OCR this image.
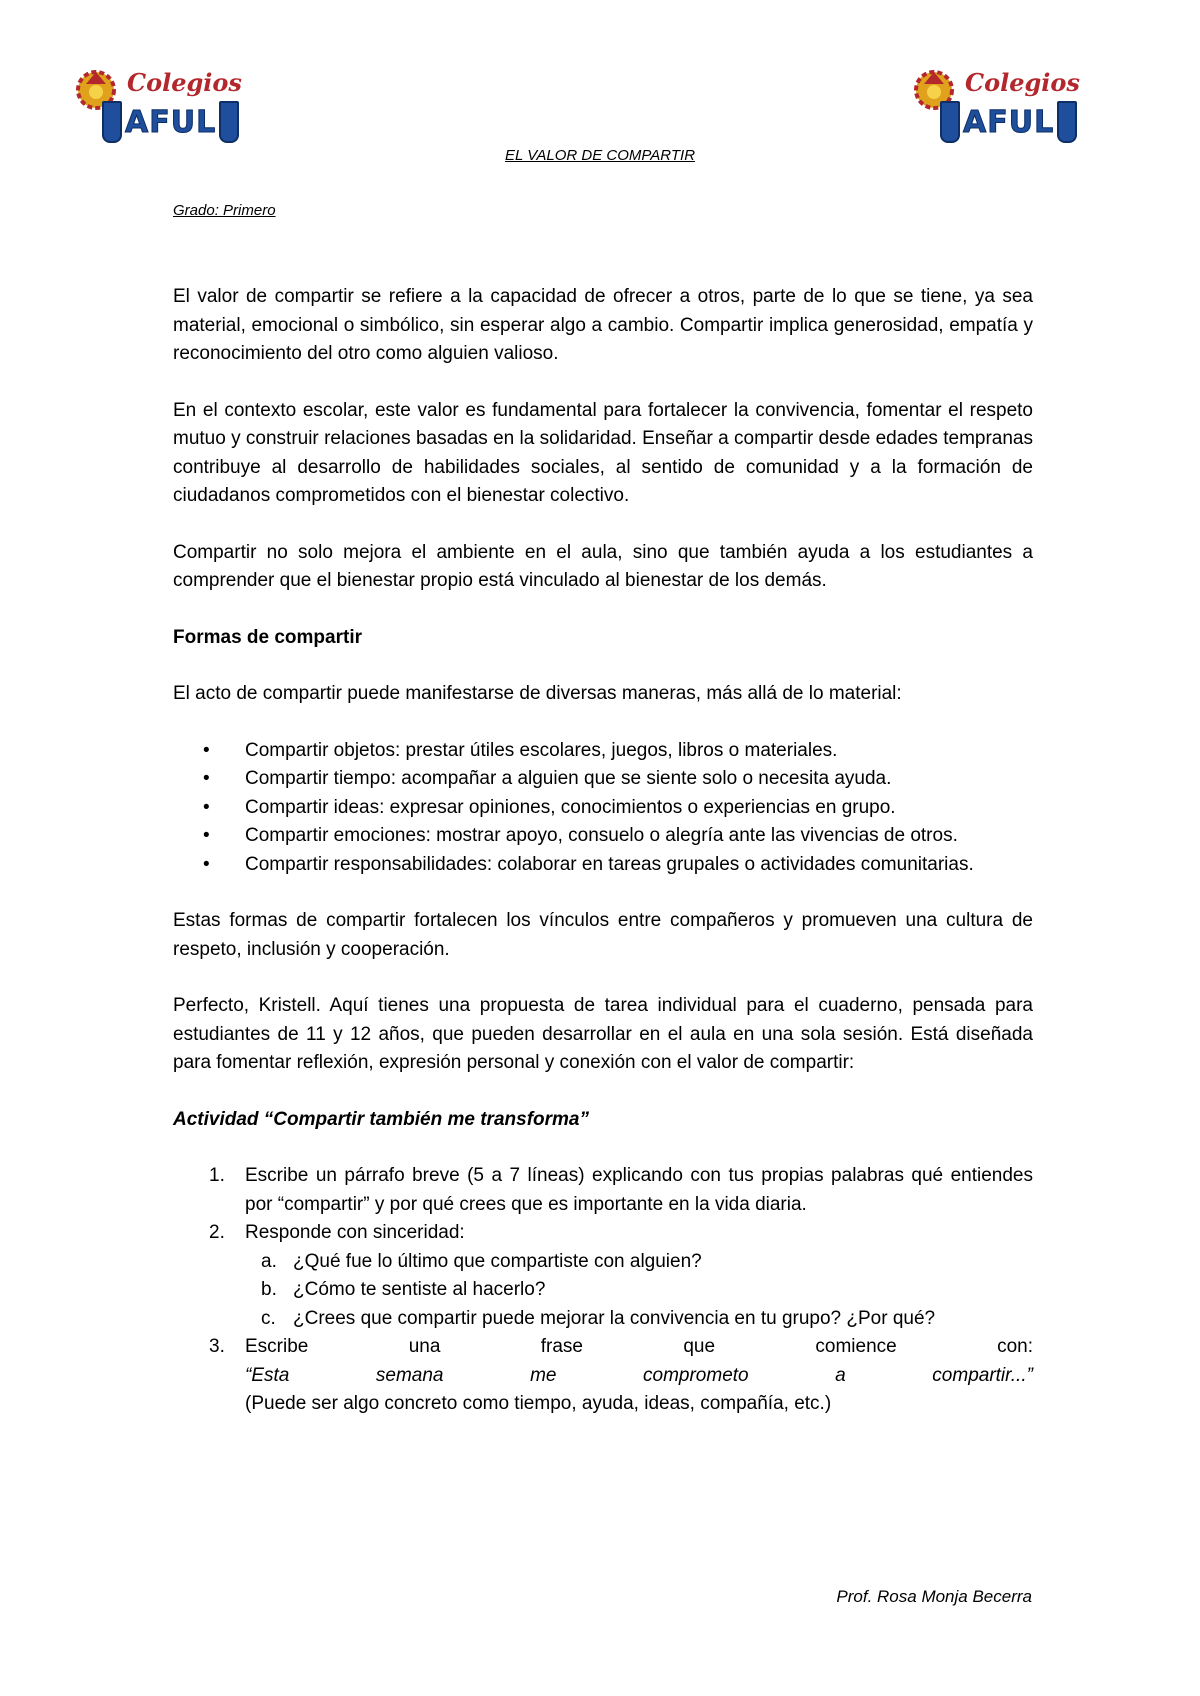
Colegios
AFUL
Colegios
AFUL
EL VALOR DE COMPARTIR
Grado: Primero

El valor de compartir se refiere a la capacidad de ofrecer a otros, parte de lo que se tiene, ya sea material, emocional o simbólico, sin esperar algo a cambio. Compartir implica generosidad, empatía y reconocimiento del otro como alguien valioso.

En el contexto escolar, este valor es fundamental para fortalecer la convivencia, fomentar el respeto mutuo y construir relaciones basadas en la solidaridad. Enseñar a compartir desde edades tempranas contribuye al desarrollo de habilidades sociales, al sentido de comunidad y a la formación de ciudadanos comprometidos con el bienestar colectivo.

Compartir no solo mejora el ambiente en el aula, sino que también ayuda a los estudiantes a comprender que el bienestar propio está vinculado al bienestar de los demás.

Formas de compartir

El acto de compartir puede manifestarse de diversas maneras, más allá de lo material:

• Compartir objetos: prestar útiles escolares, juegos, libros o materiales.
• Compartir tiempo: acompañar a alguien que se siente solo o necesita ayuda.
• Compartir ideas: expresar opiniones, conocimientos o experiencias en grupo.
• Compartir emociones: mostrar apoyo, consuelo o alegría ante las vivencias de otros.
• Compartir responsabilidades: colaborar en tareas grupales o actividades comunitarias.

Estas formas de compartir fortalecen los vínculos entre compañeros y promueven una cultura de respeto, inclusión y cooperación.

Perfecto, Kristell. Aquí tienes una propuesta de tarea individual para el cuaderno, pensada para estudiantes de 11 y 12 años, que pueden desarrollar en el aula en una sola sesión. Está diseñada para fomentar reflexión, expresión personal y conexión con el valor de compartir:

Actividad “Compartir también me transforma”
1. Escribe un párrafo breve (5 a 7 líneas) explicando con tus propias palabras qué entiendes por “compartir” y por qué crees que es importante en la vida diaria.
2. Responde con sinceridad:
a. ¿Qué fue lo último que compartiste con alguien?
b. ¿Cómo te sentiste al hacerlo?
c. ¿Crees que compartir puede mejorar la convivencia en tu grupo? ¿Por qué?
3. Escribe	una	frase	que	comience	con:
“Esta	semana	me	comprometo	a	compartir...”
(Puede ser algo concreto como tiempo, ayuda, ideas, compañía, etc.)
Prof. Rosa Monja Becerra
